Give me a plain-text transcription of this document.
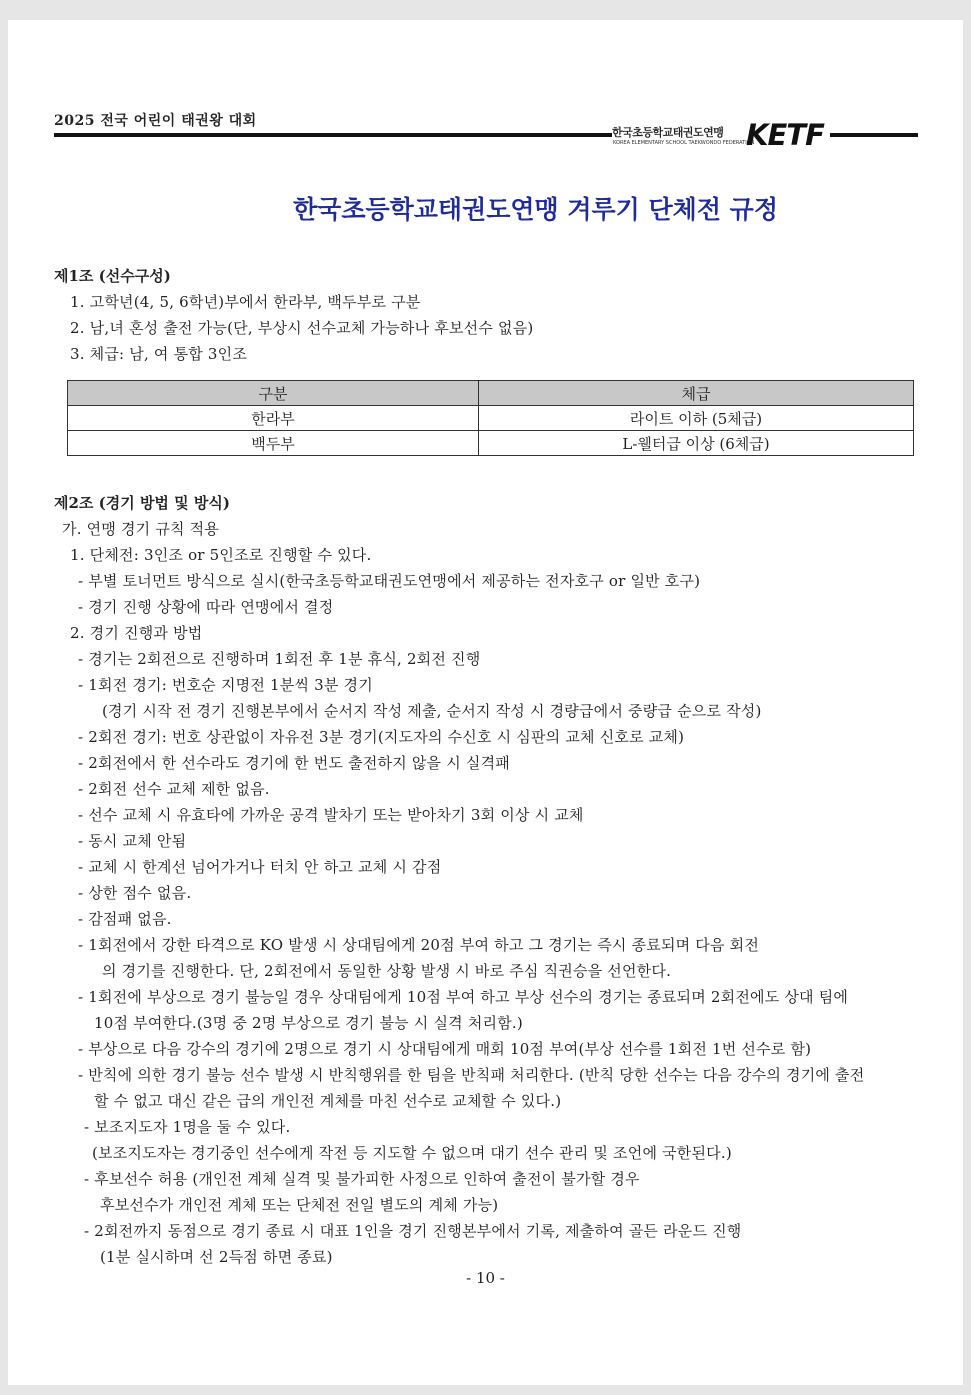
2025 전국 어린이 태권왕 대회
한국초등학교태권도연맹
KOREA ELEMENTARY SCHOOL TAEKWONDO FEDERATION
KETF
한국초등학교태권도연맹 겨루기 단체전 규정
제1조 (선수구성)
1. 고학년(4, 5, 6학년)부에서 한라부, 백두부로 구분
2. 남,녀 혼성 출전 가능(단, 부상시 선수교체 가능하나 후보선수 없음)
3. 체급: 남, 여 통합 3인조
구분	체급
한라부	라이트 이하 (5체급)
백두부	L-웰터급 이상 (6체급)
제2조 (경기 방법 및 방식)
가. 연맹 경기 규칙 적용
1. 단체전: 3인조 or 5인조로 진행할 수 있다.
- 부별 토너먼트 방식으로 실시(한국초등학교태권도연맹에서 제공하는 전자호구 or 일반 호구)
- 경기 진행 상황에 따라 연맹에서 결정
2. 경기 진행과 방법
- 경기는 2회전으로 진행하며 1회전 후 1분 휴식, 2회전 진행
- 1회전 경기: 번호순 지명전 1분씩 3분 경기
(경기 시작 전 경기 진행본부에서 순서지 작성 제출, 순서지 작성 시 경량급에서 중량급 순으로 작성)
- 2회전 경기: 번호 상관없이 자유전 3분 경기(지도자의 수신호 시 심판의 교체 신호로 교체)
- 2회전에서 한 선수라도 경기에 한 번도 출전하지 않을 시 실격패
- 2회전 선수 교체 제한 없음.
- 선수 교체 시 유효타에 가까운 공격 발차기 또는 받아차기 3회 이상 시 교체
- 동시 교체 안됨
- 교체 시 한계선 넘어가거나 터치 안 하고 교체 시 감점
- 상한 점수 없음.
- 감점패 없음.
- 1회전에서 강한 타격으로 KO 발생 시 상대팀에게 20점 부여 하고 그 경기는 즉시 종료되며 다음 회전
의 경기를 진행한다. 단, 2회전에서 동일한 상황 발생 시 바로 주심 직권승을 선언한다.
- 1회전에 부상으로 경기 불능일 경우 상대팀에게 10점 부여 하고 부상 선수의 경기는 종료되며 2회전에도 상대 팀에
10점 부여한다.(3명 중 2명 부상으로 경기 불능 시 실격 처리함.)
- 부상으로 다음 강수의 경기에 2명으로 경기 시 상대팀에게 매회 10점 부여(부상 선수를 1회전 1번 선수로 함)
- 반칙에 의한 경기 불능 선수 발생 시 반칙행위를 한 팀을 반칙패 처리한다. (반칙 당한 선수는 다음 강수의 경기에 출전
할 수 없고 대신 같은 급의 개인전 계체를 마친 선수로 교체할 수 있다.)
- 보조지도자 1명을 둘 수 있다.
(보조지도자는 경기중인 선수에게 작전 등 지도할 수 없으며 대기 선수 관리 및 조언에 국한된다.)
- 후보선수 허용 (개인전 계체 실격 및 불가피한 사정으로 인하여 출전이 불가할 경우
후보선수가 개인전 계체 또는 단체전 전일 별도의 계체 가능)
- 2회전까지 동점으로 경기 종료 시 대표 1인을 경기 진행본부에서 기록, 제출하여 골든 라운드 진행
(1분 실시하며 선 2득점 하면 종료)
- 10 -
